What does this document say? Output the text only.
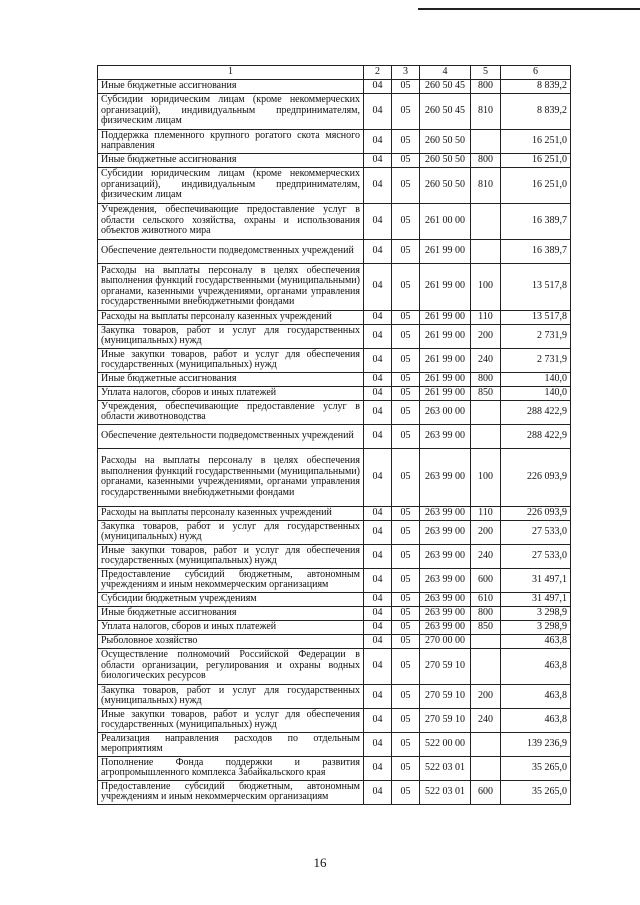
1	2	3	4	5	6
Иные бюджетные ассигнования	04	05	260 50 45	800	8 839,2
Субсидии юридическим лицам (кроме некоммерческих организаций), индивидуальным предпринимателям, физическим лицам	04	05	260 50 45	810	8 839,2
Поддержка племенного крупного рогатого скота мясного направления	04	05	260 50 50		16 251,0
Иные бюджетные ассигнования	04	05	260 50 50	800	16 251,0
Субсидии юридическим лицам (кроме некоммерческих организаций), индивидуальным предпринимателям, физическим лицам	04	05	260 50 50	810	16 251,0
Учреждения, обеспечивающие предоставление услуг в области сельского хозяйства, охраны и использования объектов животного мира	04	05	261 00 00		16 389,7
Обеспечение деятельности подведомственных учреждений	04	05	261 99 00		16 389,7
Расходы на выплаты персоналу в целях обеспечения выполнения функций государственными (муниципальными) органами, казенными учреждениями, органами управления государственными внебюджетными фондами	04	05	261 99 00	100	13 517,8
Расходы на выплаты персоналу казенных учреждений	04	05	261 99 00	110	13 517,8
Закупка товаров, работ и услуг для государственных (муниципальных) нужд	04	05	261 99 00	200	2 731,9
Иные закупки товаров, работ и услуг для обеспечения государственных (муниципальных) нужд	04	05	261 99 00	240	2 731,9
Иные бюджетные ассигнования	04	05	261 99 00	800	140,0
Уплата налогов, сборов и иных платежей	04	05	261 99 00	850	140,0
Учреждения, обеспечивающие предоставление услуг в области животноводства	04	05	263 00 00		288 422,9
Обеспечение деятельности подведомственных учреждений	04	05	263 99 00		288 422,9
Расходы на выплаты персоналу в целях обеспечения выполнения функций государственными (муниципальными) органами, казенными учреждениями, органами управления государственными внебюджетными фондами	04	05	263 99 00	100	226 093,9
Расходы на выплаты персоналу казенных учреждений	04	05	263 99 00	110	226 093,9
Закупка товаров, работ и услуг для государственных (муниципальных) нужд	04	05	263 99 00	200	27 533,0
Иные закупки товаров, работ и услуг для обеспечения государственных (муниципальных) нужд	04	05	263 99 00	240	27 533,0
Предоставление субсидий бюджетным, автономным учреждениям и иным некоммерческим организациям	04	05	263 99 00	600	31 497,1
Субсидии бюджетным учреждениям	04	05	263 99 00	610	31 497,1
Иные бюджетные ассигнования	04	05	263 99 00	800	3 298,9
Уплата налогов, сборов и иных платежей	04	05	263 99 00	850	3 298,9
Рыболовное хозяйство	04	05	270 00 00		463,8
Осуществление полномочий Российской Федерации в области организации, регулирования и охраны водных биологических ресурсов	04	05	270 59 10		463,8
Закупка товаров, работ и услуг для государственных (муниципальных) нужд	04	05	270 59 10	200	463,8
Иные закупки товаров, работ и услуг для обеспечения государственных (муниципальных) нужд	04	05	270 59 10	240	463,8
Реализация направления расходов по отдельным мероприятиям	04	05	522 00 00		139 236,9
Пополнение Фонда поддержки и развития агропромышленного комплекса Забайкальского края	04	05	522 03 01		35 265,0
Предоставление субсидий бюджетным, автономным учреждениям и иным некоммерческим организациям	04	05	522 03 01	600	35 265,0
16
